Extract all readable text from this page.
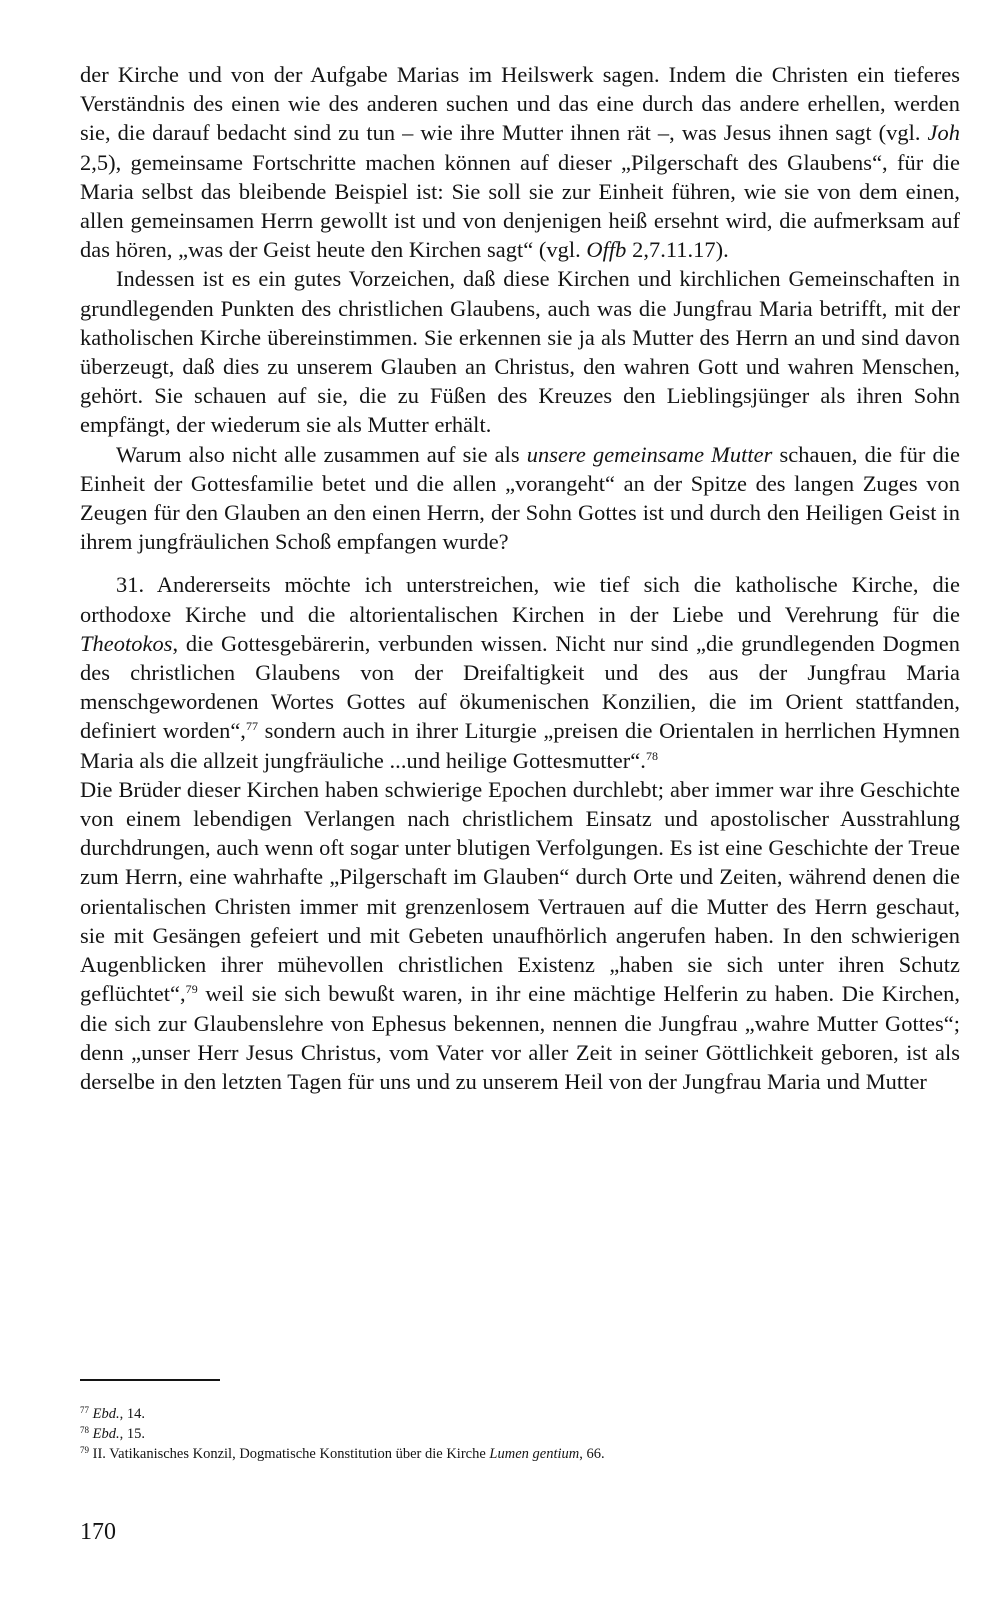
der Kirche und von der Aufgabe Marias im Heilswerk sagen. Indem die Christen ein tieferes Verständnis des einen wie des anderen suchen und das eine durch das andere erhellen, werden sie, die darauf bedacht sind zu tun – wie ihre Mutter ihnen rät –, was Jesus ihnen sagt (vgl. Joh 2,5), gemeinsame Fortschritte machen können auf dieser „Pilgerschaft des Glaubens“, für die Maria selbst das bleibende Beispiel ist: Sie soll sie zur Einheit führen, wie sie von dem einen, allen gemeinsamen Herrn gewollt ist und von denjenigen heiß ersehnt wird, die aufmerksam auf das hören, „was der Geist heute den Kirchen sagt“ (vgl. Offb 2,7.11.17).

Indessen ist es ein gutes Vorzeichen, daß diese Kirchen und kirchlichen Gemeinschaften in grundlegenden Punkten des christlichen Glaubens, auch was die Jungfrau Maria betrifft, mit der katholischen Kirche übereinstimmen. Sie erkennen sie ja als Mutter des Herrn an und sind davon überzeugt, daß dies zu unserem Glauben an Christus, den wahren Gott und wahren Menschen, gehört. Sie schauen auf sie, die zu Füßen des Kreuzes den Lieblingsjünger als ihren Sohn empfängt, der wiederum sie als Mutter erhält.

Warum also nicht alle zusammen auf sie als unsere gemeinsame Mutter schauen, die für die Einheit der Gottesfamilie betet und die allen „vorangeht“ an der Spitze des langen Zuges von Zeugen für den Glauben an den einen Herrn, der Sohn Gottes ist und durch den Heiligen Geist in ihrem jungfräulichen Schoß empfangen wurde?

31. Andererseits möchte ich unterstreichen, wie tief sich die katholische Kirche, die orthodoxe Kirche und die altorientalischen Kirchen in der Liebe und Verehrung für die Theotokos, die Gottesgebärerin, verbunden wissen. Nicht nur sind „die grundlegenden Dogmen des christlichen Glaubens von der Dreifaltigkeit und des aus der Jungfrau Maria menschgewordenen Wortes Gottes auf ökumenischen Konzilien, die im Orient stattfanden, definiert worden“,$^{77}$ sondern auch in ihrer Liturgie „preisen die Orientalen in herrlichen Hymnen Maria als die allzeit jungfräuliche ...und heilige Gottesmutter“.$^{78}$

Die Brüder dieser Kirchen haben schwierige Epochen durchlebt; aber immer war ihre Geschichte von einem lebendigen Verlangen nach christlichem Einsatz und apostolischer Ausstrahlung durchdrungen, auch wenn oft sogar unter blutigen Verfolgungen. Es ist eine Geschichte der Treue zum Herrn, eine wahrhafte „Pilgerschaft im Glauben“ durch Orte und Zeiten, während denen die orientalischen Christen immer mit grenzenlosem Vertrauen auf die Mutter des Herrn geschaut, sie mit Gesängen gefeiert und mit Gebeten unaufhörlich angerufen haben. In den schwierigen Augenblicken ihrer mühevollen christlichen Existenz „haben sie sich unter ihren Schutz geflüchtet“,$^{79}$ weil sie sich bewußt waren, in ihr eine mächtige Helferin zu haben. Die Kirchen, die sich zur Glaubenslehre von Ephesus bekennen, nennen die Jungfrau „wahre Mutter Gottes“; denn „unser Herr Jesus Christus, vom Vater vor aller Zeit in seiner Göttlichkeit geboren, ist als derselbe in den letzten Tagen für uns und zu unserem Heil von der Jungfrau Maria und Mutter

$^{77}$ Ebd., 14.

$^{78}$ Ebd., 15.

$^{79}$ II. Vatikanisches Konzil, Dogmatische Konstitution über die Kirche Lumen gentium, 66.

170
